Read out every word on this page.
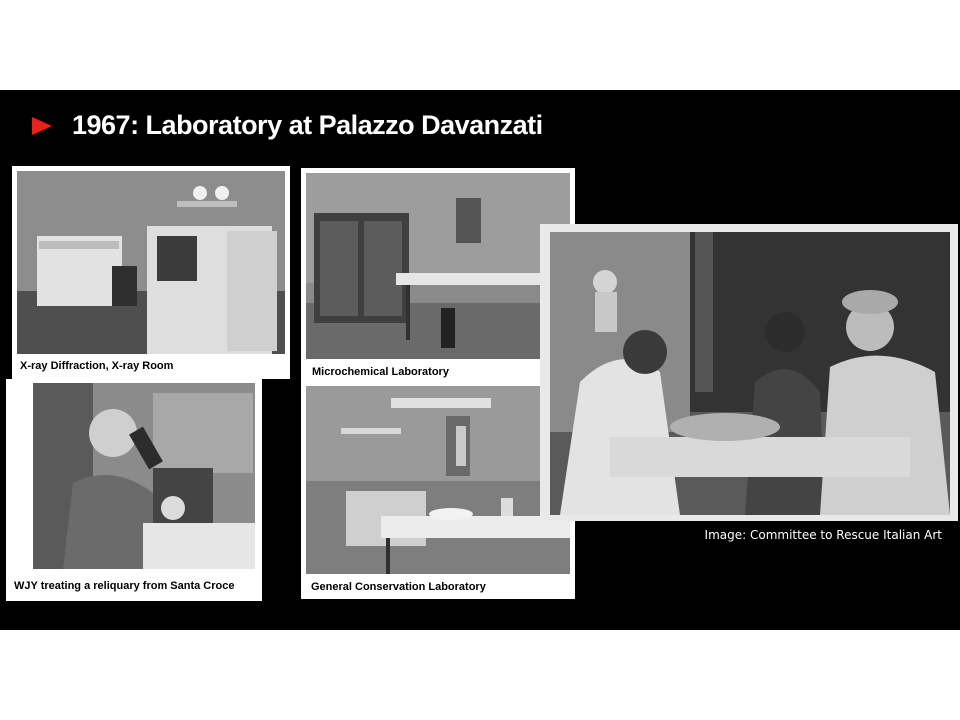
1967: Laboratory at Palazzo Davanzati
X-ray Diffraction, X-ray Room	Microchemical Laboratory
WJY treating a reliquary from Santa Croce	General Conservation Laboratory
Image: Committee to Rescue Italian Art
